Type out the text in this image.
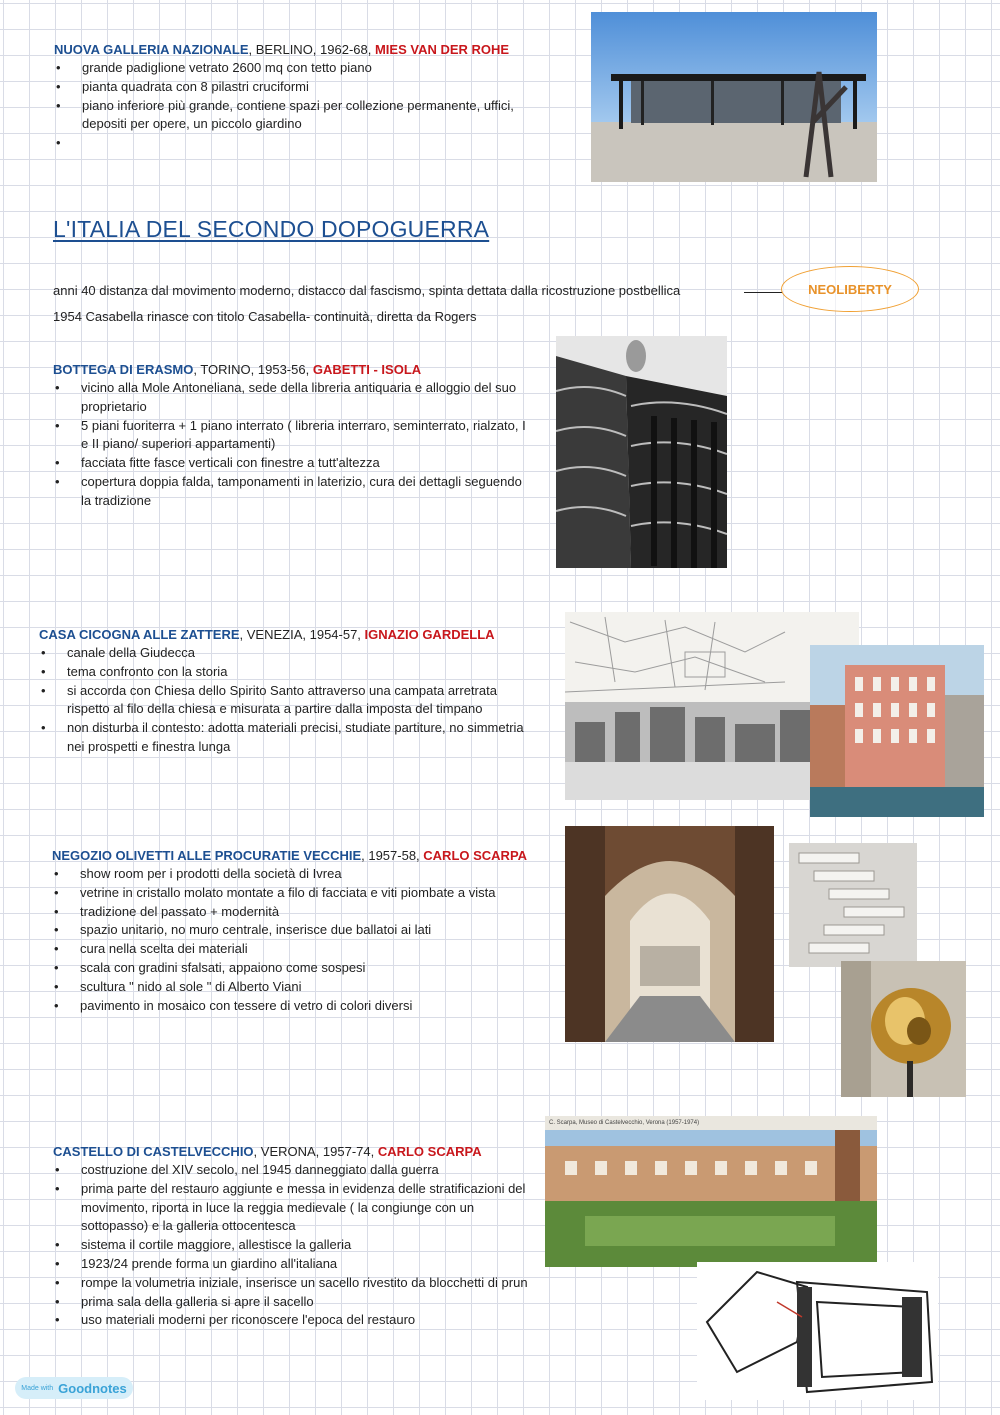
NUOVA GALLERIA NAZIONALE, BERLINO, 1962-68, MIES VAN DER ROHE
• grande padiglione vetrato 2600 mq con tetto piano
• pianta quadrata con 8 pilastri cruciformi
• piano inferiore più grande, contiene spazi per collezione permanente, uffici, depositi per opere, un piccolo giardino
L'ITALIA DEL SECONDO DOPOGUERRA
anni 40 distanza dal movimento moderno, distacco dal fascismo, spinta dettata dalla ricostruzione postbellica	NEOLIBERTY
1954 Casabella rinasce con titolo Casabella- continuità, diretta da Rogers
BOTTEGA DI ERASMO, TORINO, 1953-56, GABETTI - ISOLA
• vicino alla Mole Antoneliana, sede della libreria antiquaria e alloggio del suo proprietario
• 5 piani fuoriterra + 1 piano interrato ( libreria interraro, seminterrato, rialzato, I e II piano/ superiori appartamenti)
• facciata fitte fasce verticali con finestre a tutt'altezza
• copertura doppia falda, tamponamenti in laterizio, cura dei dettagli seguendo la tradizione
CASA CICOGNA ALLE ZATTERE, VENEZIA, 1954-57, IGNAZIO GARDELLA
• canale della Giudecca
• tema confronto con la storia
• si accorda con Chiesa dello Spirito Santo attraverso una campata arretrata rispetto al filo della chiesa e misurata a partire dalla imposta del timpano
• non disturba il contesto: adotta materiali precisi, studiate partiture, no simmetria nei prospetti e finestra lunga
NEGOZIO OLIVETTI ALLE PROCURATIE VECCHIE, 1957-58, CARLO SCARPA
• show room per i prodotti della società di Ivrea
• vetrine in cristallo molato montate a filo di facciata e viti piombate a vista
• tradizione del passato + modernità
• spazio unitario, no muro centrale, inserisce due ballatoi ai lati
• cura nella scelta dei materiali
• scala con gradini sfalsati, appaiono come sospesi
• scultura " nido al sole " di Alberto Viani
• pavimento in mosaico con tessere di vetro di colori diversi
CASTELLO DI CASTELVECCHIO, VERONA, 1957-74, CARLO SCARPA
• costruzione del XIV secolo, nel 1945 danneggiato dalla guerra
• prima parte del restauro aggiunte e messa in evidenza delle stratificazioni del movimento, riporta in luce la reggia medievale ( la congiunge con un sottopasso) e la galleria ottocentesca
• sistema il cortile maggiore, allestisce la galleria
• 1923/24 prende forma un giardino all'italiana
• rompe la volumetria iniziale, inserisce un sacello rivestito da blocchetti di prun
• prima sala della galleria si apre il sacello
• uso materiali moderni per riconoscere l'epoca del restauro
C. Scarpa, Museo di Castelvecchio, Verona (1957-1974)
Made with Goodnotes
